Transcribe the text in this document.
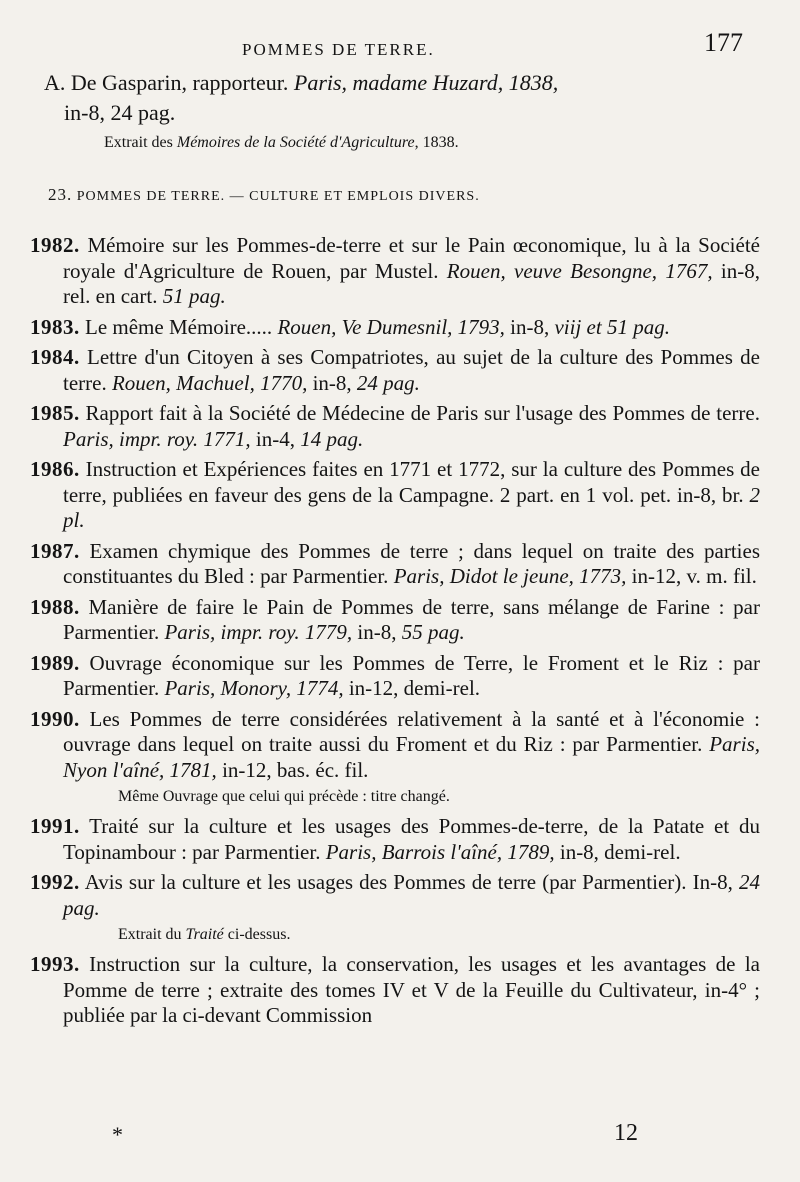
POMMES DE TERRE.	177
A. De Gasparin, rapporteur. Paris, madame Huzard, 1838,
in-8, 24 pag.
Extrait des Mémoires de la Société d'Agriculture, 1838.
23. POMMES DE TERRE. — CULTURE ET EMPLOIS DIVERS.
1982. Mémoire sur les Pommes-de-terre et sur le Pain œconomique, lu à la Société royale d'Agriculture de Rouen, par Mustel. Rouen, veuve Besongne, 1767, in-8, rel. en cart. 51 pag.
1983. Le même Mémoire..... Rouen, Ve Dumesnil, 1793, in-8, viij et 51 pag.
1984. Lettre d'un Citoyen à ses Compatriotes, au sujet de la culture des Pommes de terre. Rouen, Machuel, 1770, in-8, 24 pag.
1985. Rapport fait à la Société de Médecine de Paris sur l'usage des Pommes de terre. Paris, impr. roy. 1771, in-4, 14 pag.
1986. Instruction et Expériences faites en 1771 et 1772, sur la culture des Pommes de terre, publiées en faveur des gens de la Campagne. 2 part. en 1 vol. pet. in-8, br. 2 pl.
1987. Examen chymique des Pommes de terre ; dans lequel on traite des parties constituantes du Bled : par Parmentier. Paris, Didot le jeune, 1773, in-12, v. m. fil.
1988. Manière de faire le Pain de Pommes de terre, sans mélange de Farine : par Parmentier. Paris, impr. roy. 1779, in-8, 55 pag.
1989. Ouvrage économique sur les Pommes de Terre, le Froment et le Riz : par Parmentier. Paris, Monory, 1774, in-12, demi-rel.
1990. Les Pommes de terre considérées relativement à la santé et à l'économie : ouvrage dans lequel on traite aussi du Froment et du Riz : par Parmentier. Paris, Nyon l'aîné, 1781, in-12, bas. éc. fil.
Même Ouvrage que celui qui précède : titre changé.
1991. Traité sur la culture et les usages des Pommes-de-terre, de la Patate et du Topinambour : par Parmentier. Paris, Barrois l'aîné, 1789, in-8, demi-rel.
1992. Avis sur la culture et les usages des Pommes de terre (par Parmentier). In-8, 24 pag.
Extrait du Traité ci-dessus.
1993. Instruction sur la culture, la conservation, les usages et les avantages de la Pomme de terre ; extraite des tomes IV et V de la Feuille du Cultivateur, in-4° ; publiée par la ci-devant Commission
*	12
